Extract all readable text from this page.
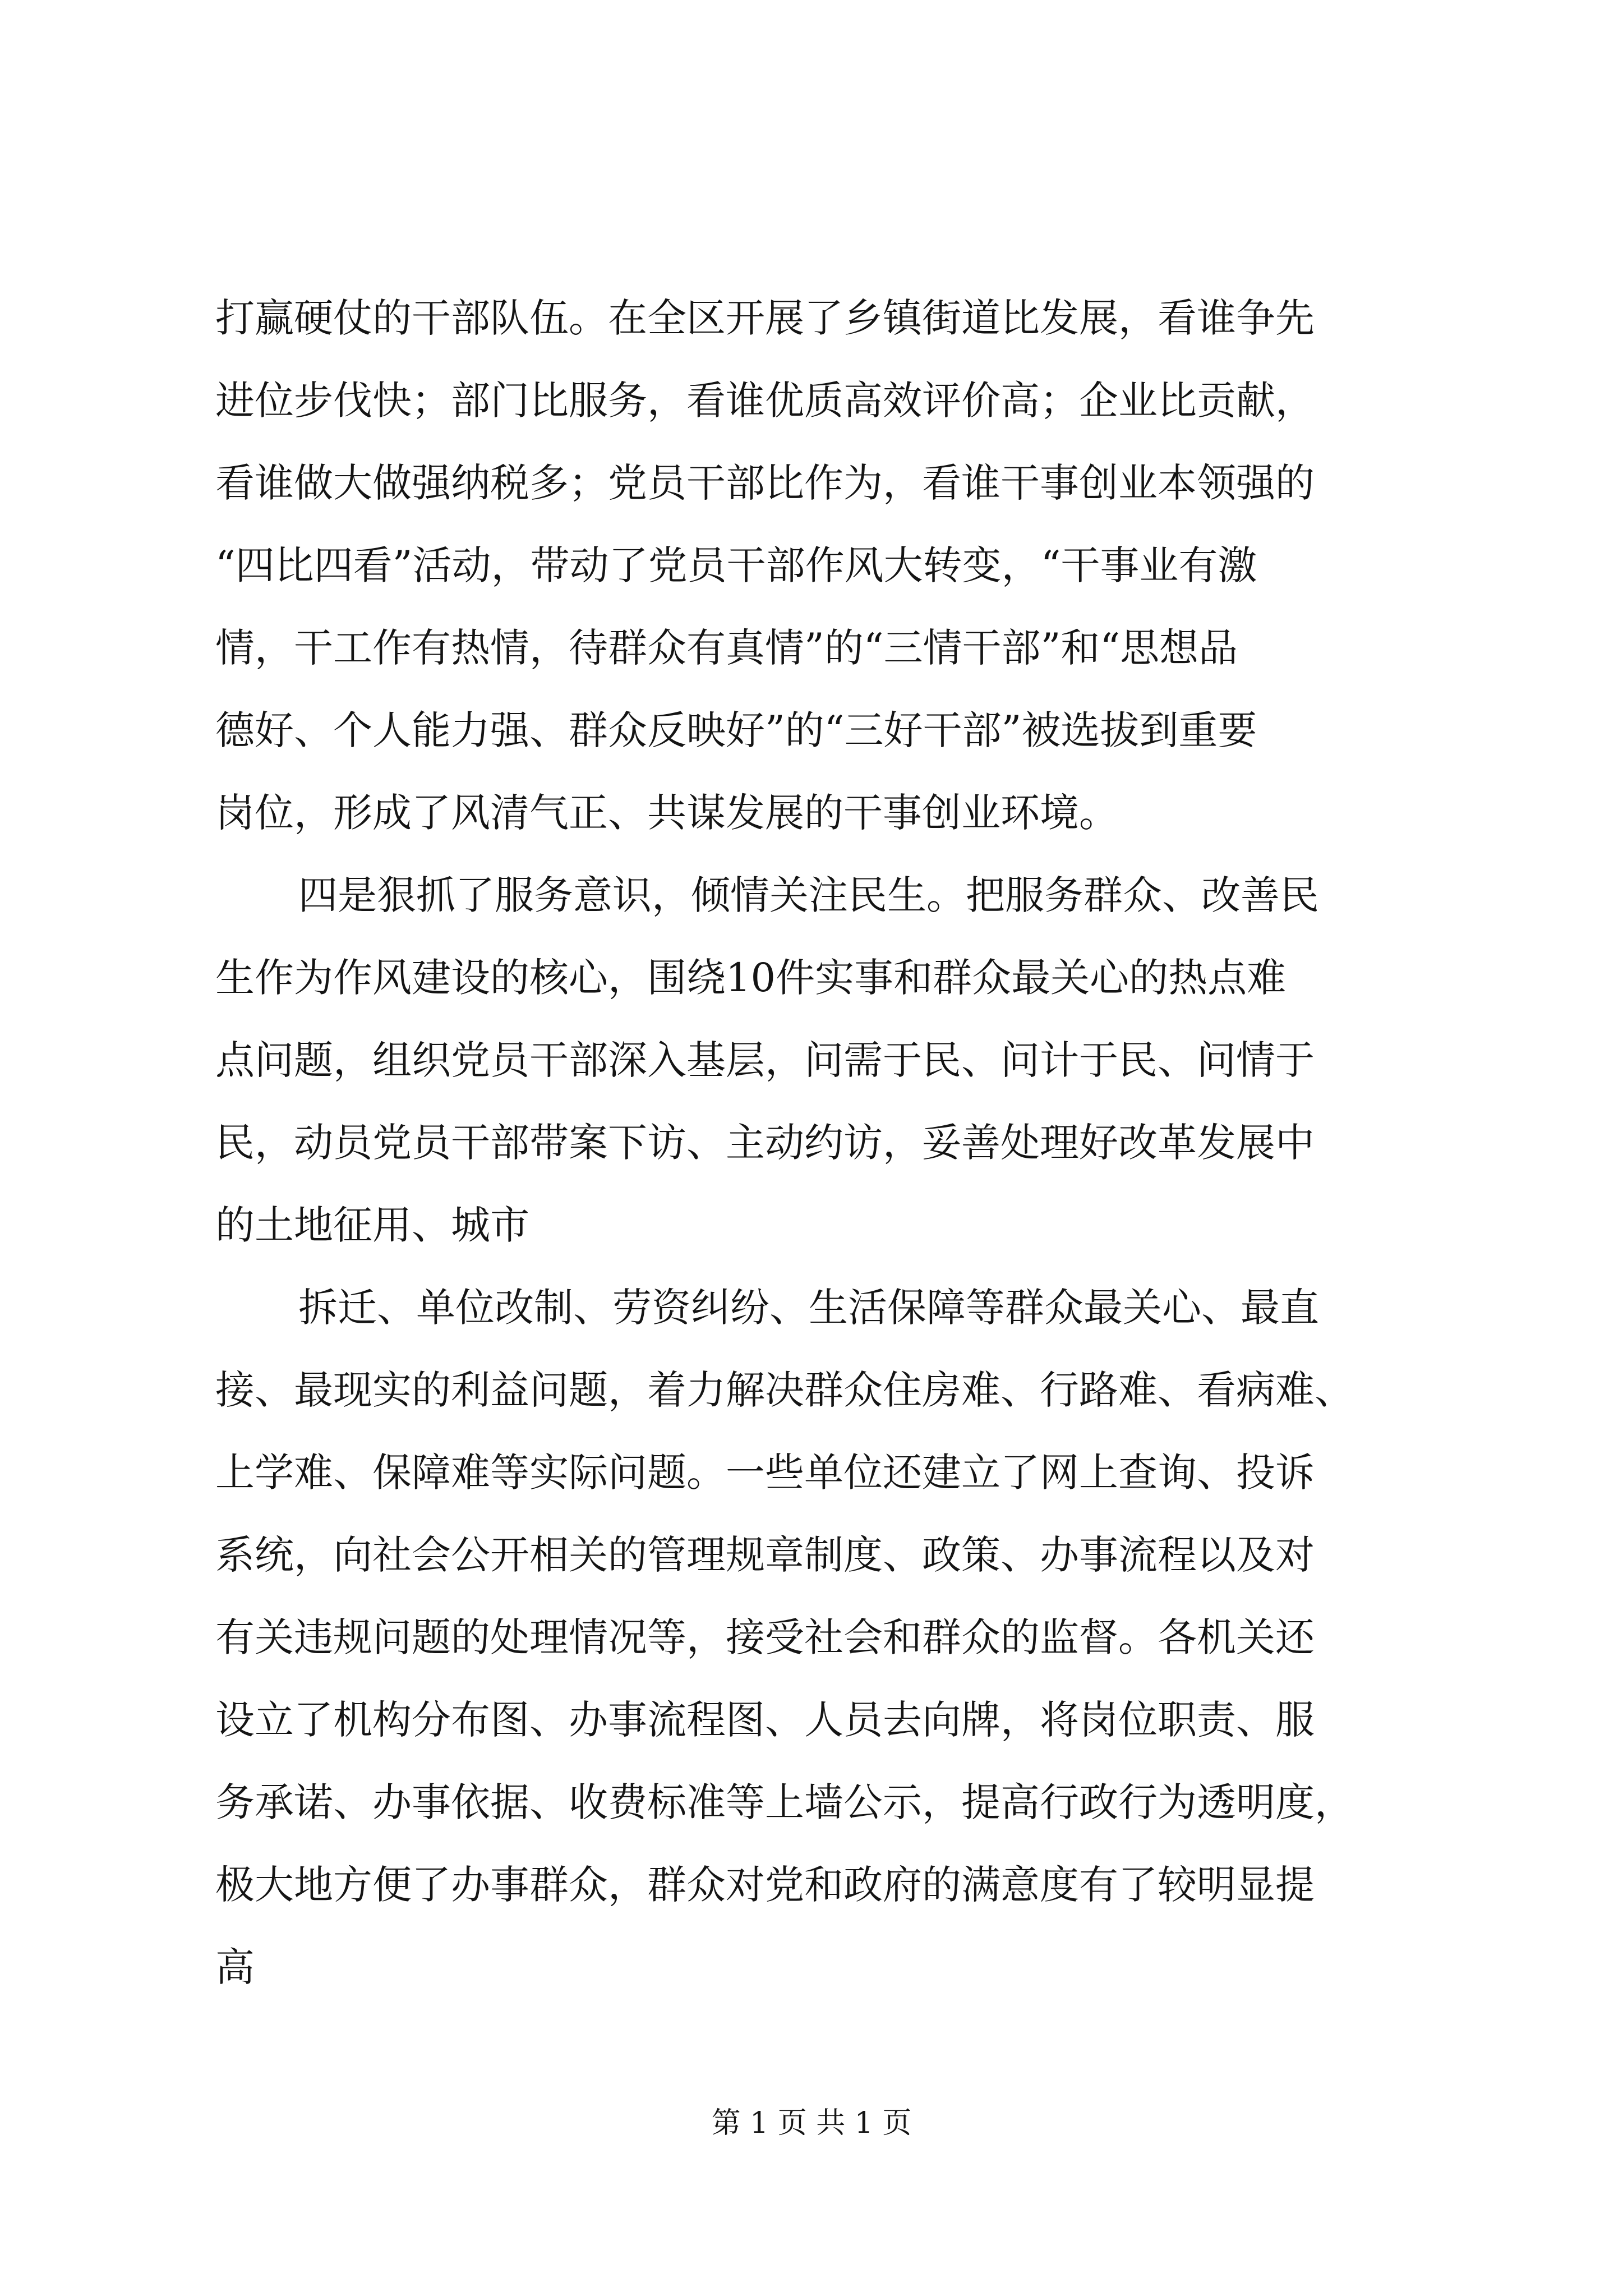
打赢硬仗的干部队伍。在全区开展了乡镇街道比发展，看谁争先
进位步伐快；部门比服务，看谁优质高效评价高；企业比贡献，
看谁做大做强纳税多；党员干部比作为，看谁干事创业本领强的
“四比四看”活动，带动了党员干部作风大转变，“干事业有激
情，干工作有热情，待群众有真情”的“三情干部”和“思想品
德好、个人能力强、群众反映好”的“三好干部”被选拔到重要
岗位，形成了风清气正、共谋发展的干事创业环境。
四是狠抓了服务意识，倾情关注民生。把服务群众、改善民
生作为作风建设的核心，围绕10件实事和群众最关心的热点难
点问题，组织党员干部深入基层，问需于民、问计于民、问情于
民，动员党员干部带案下访、主动约访，妥善处理好改革发展中
的土地征用、城市
拆迁、单位改制、劳资纠纷、生活保障等群众最关心、最直
接、最现实的利益问题，着力解决群众住房难、行路难、看病难、
上学难、保障难等实际问题。一些单位还建立了网上查询、投诉
系统，向社会公开相关的管理规章制度、政策、办事流程以及对
有关违规问题的处理情况等，接受社会和群众的监督。各机关还
设立了机构分布图、办事流程图、人员去向牌，将岗位职责、服
务承诺、办事依据、收费标准等上墙公示，提高行政行为透明度，
极大地方便了办事群众，群众对党和政府的满意度有了较明显提
高
第 1 页 共 1 页
